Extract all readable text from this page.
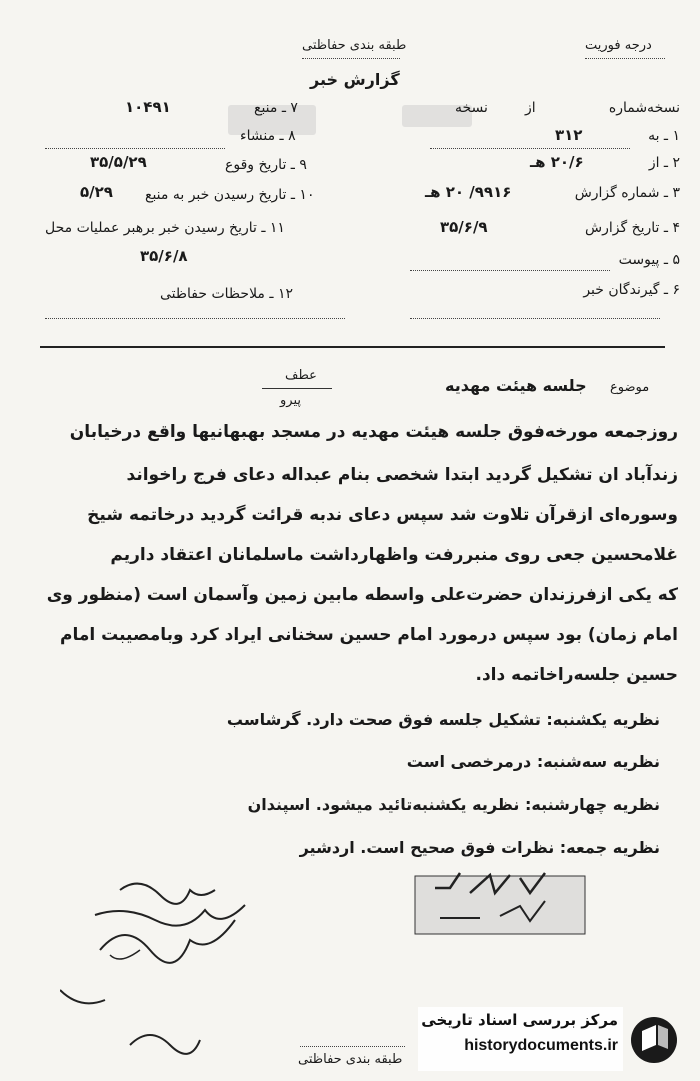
درجه فوریت
طبقه بندی حفاظتی
گزارش خبر
نسخه‌شماره
از
نسخه
۷ ـ منبع
۱۰۴۹۱
۱ ـ به
۳۱۲
۸ ـ منشاء
۲ ـ از
۲۰/۶ هـ
۹ ـ تاریخ وقوع
۳۵/۵/۲۹
۳ ـ شماره گزارش
۹۹۱۶/ ۲۰ هـ
۱۰ ـ تاریخ رسیدن خبر به منبع
۵/۲۹
۴ ـ تاریخ گزارش
۳۵/۶/۹
۱۱ ـ تاریخ رسیدن خبر برهبر عملیات محل
۳۵/۶/۸	۵ ـ پیوست
۶ ـ گیرندگان خبر
۱۲ ـ ملاحظات حفاظتی
عطف
پیرو
موضوع
جلسه هیئت مهدیه
روزجمعه مورخه‌فوق جلسه هیئت مهدیه در مسجد بهبهانیها واقع درخیابان
زندآباد ان تشکیل گردید ابتدا شخصی بنام عبداله دعای فرج راخواند
وسوره‌ای ازقرآن تلاوت شد سپس دعای ندبه قرائت گردید درخاتمه شیخ
غلامحسین جعی روی منبررفت واظهارداشت ماسلمانان اعتقاد داریم
که یکی ازفرزندان حضرت‌علی واسطه مابین زمین وآسمان است (منظور وی
امام زمان) بود سپس درمورد امام حسین سخنانی ایراد کرد وبامصیبت امام
حسین جلسه‌راخاتمه داد.
نظریه یکشنبه: تشکیل جلسه فوق صحت دارد. گرشاسب
نظریه سه‌شنبه: درمرخصی است
نظریه چهارشنبه: نظریه یکشنبه‌تائید میشود. اسپندان
نظریه جمعه: نظرات فوق صحیح است. اردشیر
طبقه بندی حفاظتی
مرکز بررسی اسناد تاریخی
historydocuments.ir
